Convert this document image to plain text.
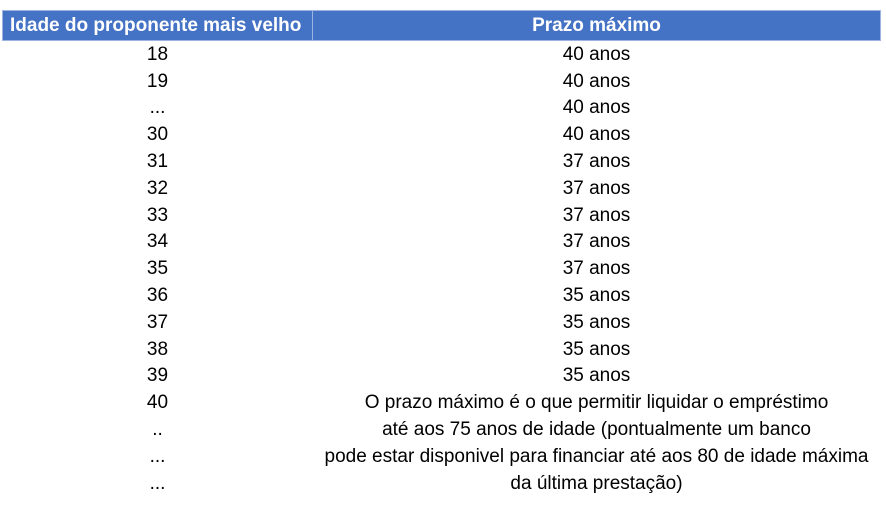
Idade do proponente mais velho	Prazo máximo
18	40 anos
19	40 anos
...	40 anos
30	40 anos
31	37 anos
32	37 anos
33	37 anos
34	37 anos
35	37 anos
36	35 anos
37	35 anos
38	35 anos
39	35 anos
40	O prazo máximo é o que permitir liquidar o empréstimo
..	até aos 75 anos de idade (pontualmente um banco
...	pode estar disponivel para financiar até aos 80 de idade máxima
...	da última prestação)
